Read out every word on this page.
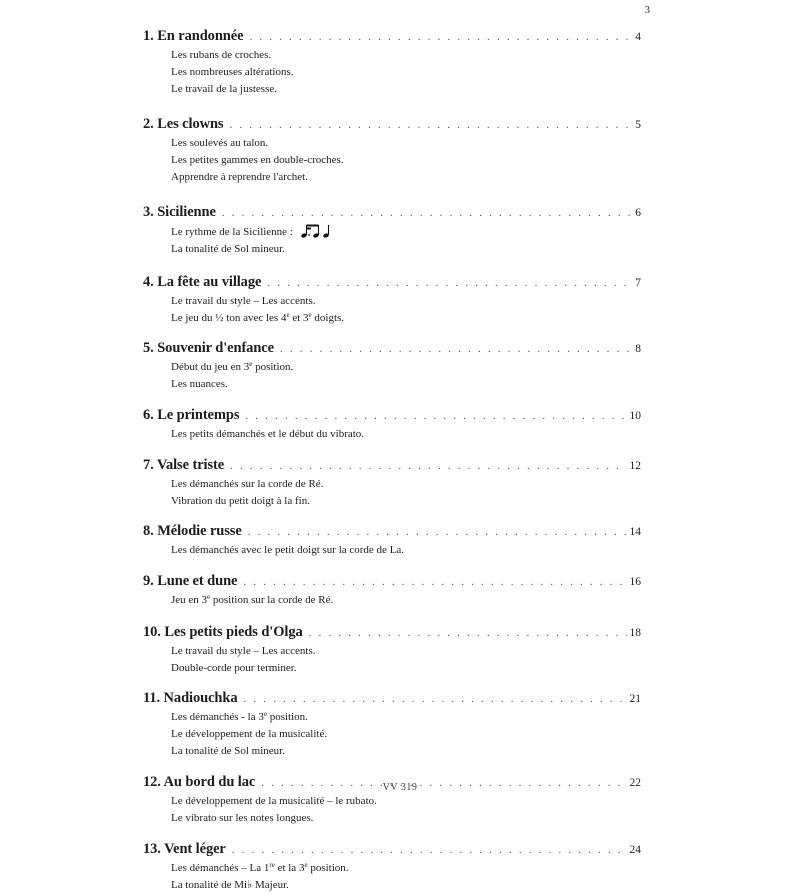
3
1. En randonnée . . .	4
Les rubans de croches.
Les nombreuses altérations.
Le travail de la justesse.
2. Les clowns . . .	5
Les soulevés au talon.
Les petites gammes en double-croches.
Apprendre à reprendre l'archet.
3. Sicilienne . . .	6
Le rythme de la Sicilienne :
La tonalité de Sol mineur.
4. La fête au village . . .	7
Le travail du style – Les accents.
Le jeu du ½ ton avec les 4e et 3e doigts.
5. Souvenir d'enfance . . .	8
Début du jeu en 3e position.
Les nuances.
6. Le printemps . . .	10
Les petits démanchés et le début du vibrato.
7. Valse triste . . .	12
Les démanchés sur la corde de Ré.
Vibration du petit doigt à la fin.
8. Mélodie russe . . .	14
Les démanchés avec le petit doigt sur la corde de La.
9. Lune et dune . . .	16
Jeu en 3e position sur la corde de Ré.
10. Les petits pieds d'Olga . . .	18
Le travail du style – Les accents.
Double-corde pour terminer.
11. Nadiouchka . . .	21
Les démanchés - la 3e position.
Le développement de la musicalité.
La tonalité de Sol mineur.
12. Au bord du lac . . .	22
Le développement de la musicalité – le rubato.
Le vibrato sur les notes longues.
13. Vent léger . . .	24
Les démanchés – La 1re et la 3e position.
La tonalité de Mi♭ Majeur.
VV 319
